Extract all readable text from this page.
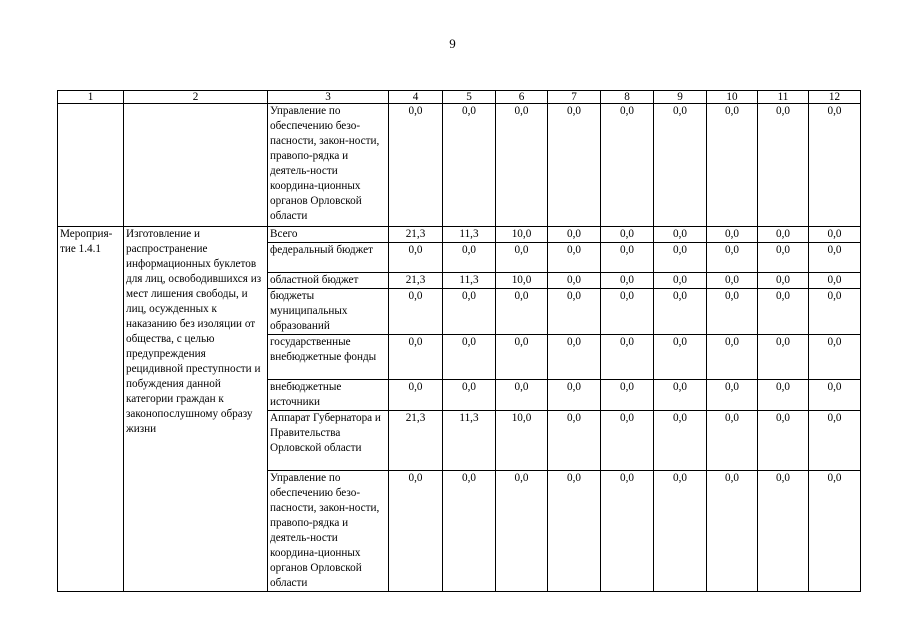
9
1	2	3	4	5	6	7	8	9	10	11	12
		Управление по обеспечению безо-пасности, закон-ности, правопо-рядка и деятель-ности координа-ционных органов Орловской области	0,0	0,0	0,0	0,0	0,0	0,0	0,0	0,0	0,0
Мероприя-тие 1.4.1	Изготовление и распространение информационных буклетов для лиц, освободившихся из мест лишения свободы, и лиц, осужденных к наказанию без изоляции от общества, с целью предупреждения рецидивной преступности и побуждения данной категории граждан к законопослушному образу жизни	Всего	21,3	11,3	10,0	0,0	0,0	0,0	0,0	0,0	0,0
		федеральный бюджет	0,0	0,0	0,0	0,0	0,0	0,0	0,0	0,0	0,0
		областной бюджет	21,3	11,3	10,0	0,0	0,0	0,0	0,0	0,0	0,0
		бюджеты муниципальных образований	0,0	0,0	0,0	0,0	0,0	0,0	0,0	0,0	0,0
		государственные внебюджетные фонды	0,0	0,0	0,0	0,0	0,0	0,0	0,0	0,0	0,0
		внебюджетные источники	0,0	0,0	0,0	0,0	0,0	0,0	0,0	0,0	0,0
		Аппарат Губернатора и Правительства Орловской области	21,3	11,3	10,0	0,0	0,0	0,0	0,0	0,0	0,0
		Управление по обеспечению безо-пасности, закон-ности, правопо-рядка и деятель-ности координа-ционных органов Орловской области	0,0	0,0	0,0	0,0	0,0	0,0	0,0	0,0	0,0
